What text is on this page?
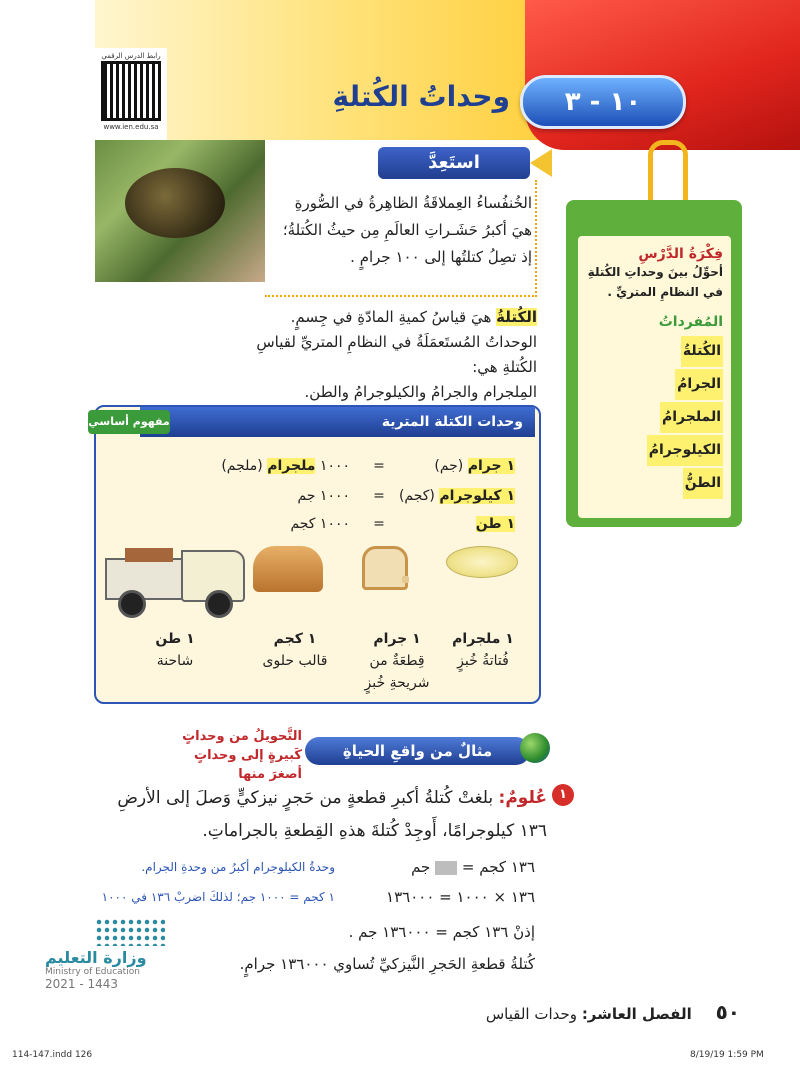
رابط الدرس الرقمي
www.ien.edu.sa
١٠ - ٣
وحداتُ الكُتلةِ
استَعِدَّ
الخُنفُساءُ العِملاقَةُ الظاهِرةُ في الصُّورةِ هيَ أكبرُ حَشَـراتِ العالَمِ مِن حيثُ الكُتلةُ؛ إذ تصِلُ كتلتُها إلى ١٠٠ جرامٍ .
الكُتلةُ هيَ قياسُ كميةِ المادّةِ في جِسمٍ.
الوحداتُ المُستَعمَلَةُ في النظامِ المتريِّ لقياسِ الكُتلةِ هي:
المِلجرام والجرامُ والكيلوجرامُ والطن.
فِكْرَةُ الدَّرْسِ
أحوِّلُ بينَ وحداتِ الكُتلةِ في النظامِ المتريِّ .
المُفرداتُ
الكُتلةُ
الجرامُ
الملجرامُ
الكيلوجرامُ
الطنُّ
وحدات الكتلة المترية
مفهوم أساسي
١ جرام (جم)
=
١٠٠٠ ملجرام (ملجم)
١ كيلوجرام (كجم)
=
١٠٠٠ جم
١ طن
=
١٠٠٠ كجم
١ ملجرام
فُتاتةُ خُبزٍ
١ جرام
قِطعَةٌ من شريحةِ خُبزٍ
١ كجم
قالب حلوى
١ طن
شاحنة
التَّحويلُ من وحداتٍ كَبيرةٍ إلى وحداتٍ أصغرَ منها
مثالٌ من واقعِ الحياةِ
١
عُلومٌ: بلغتْ كُتلةُ أكبرِ قطعةٍ من حَجرٍ نيزكيٍّ وَصلَ إلى الأرضِ ١٣٦ كيلوجرامًا، أَوجِدْ كُتلةَ هذهِ القِطعةِ بالجراماتِ.
١٣٦ كجم =  جم
وحدةُ الكيلوجرام أكبرُ من وحدةِ الجرام.
١٣٦ × ١٠٠٠ = ١٣٦٠٠٠
١ كجم = ١٠٠٠ جم؛ لذلكَ اضربْ ١٣٦ في ١٠٠٠
إذنْ ١٣٦ كجم = ١٣٦٠٠٠ جم .
كُتلةُ قطعةِ الحَجرِ النَّيزكيِّ تُساوي ١٣٦٠٠٠ جرامٍ.
وزارة التعليم
Ministry of Education
2021 - 1443
٥٠     الفصل العاشر: وحدات القياس
114-147.indd 126	8/19/19 1:59 PM
